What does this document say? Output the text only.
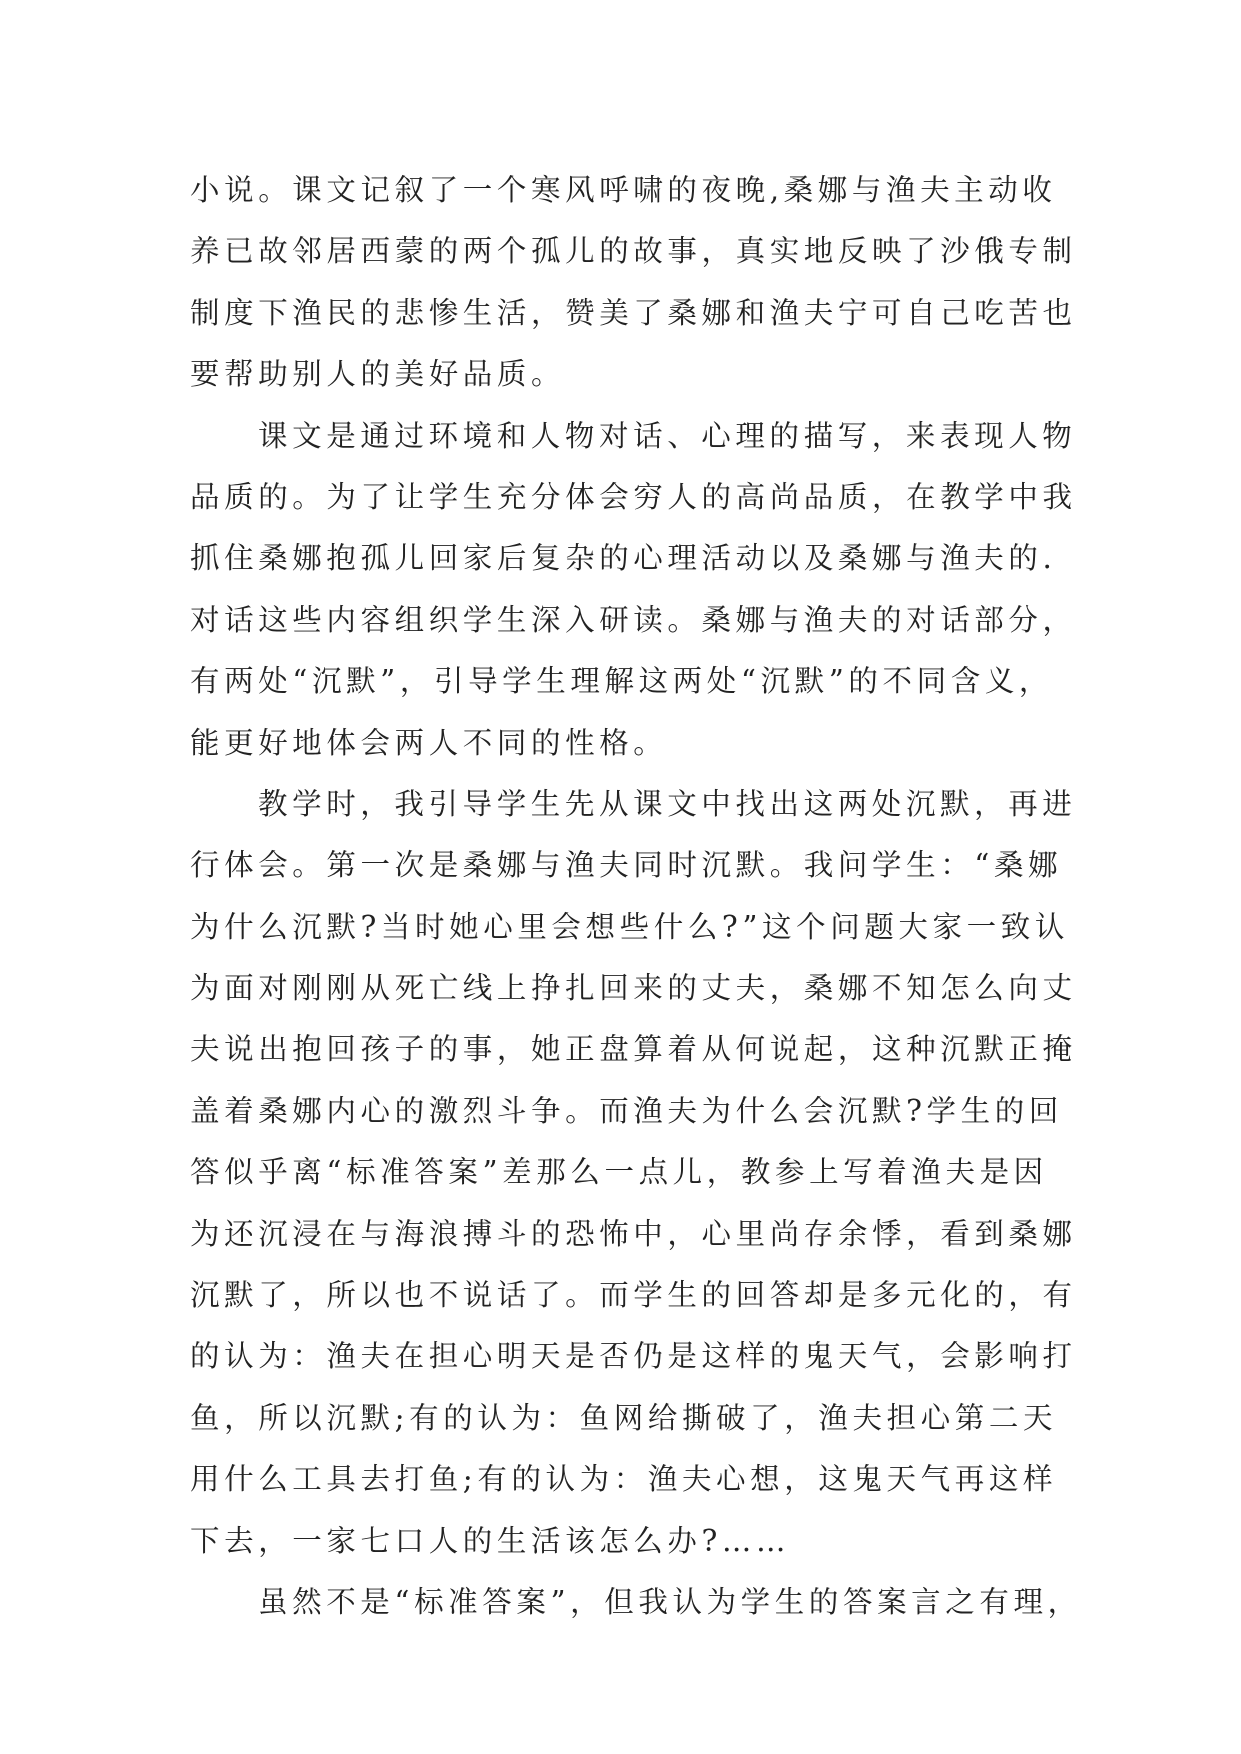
小说。课文记叙了一个寒风呼啸的夜晚,桑娜与渔夫主动收
养已故邻居西蒙的两个孤儿的故事，真实地反映了沙俄专制
制度下渔民的悲惨生活，赞美了桑娜和渔夫宁可自己吃苦也
要帮助别人的美好品质。
课文是通过环境和人物对话、心理的描写，来表现人物
品质的。为了让学生充分体会穷人的高尚品质，在教学中我
抓住桑娜抱孤儿回家后复杂的心理活动以及桑娜与渔夫的.
对话这些内容组织学生深入研读。桑娜与渔夫的对话部分，
有两处“沉默”，引导学生理解这两处“沉默”的不同含义，
能更好地体会两人不同的性格。
教学时，我引导学生先从课文中找出这两处沉默，再进
行体会。第一次是桑娜与渔夫同时沉默。我问学生：“桑娜
为什么沉默?当时她心里会想些什么?”这个问题大家一致认
为面对刚刚从死亡线上挣扎回来的丈夫，桑娜不知怎么向丈
夫说出抱回孩子的事，她正盘算着从何说起，这种沉默正掩
盖着桑娜内心的激烈斗争。而渔夫为什么会沉默?学生的回
答似乎离“标准答案”差那么一点儿，教参上写着渔夫是因
为还沉浸在与海浪搏斗的恐怖中，心里尚存余悸，看到桑娜
沉默了，所以也不说话了。而学生的回答却是多元化的，有
的认为：渔夫在担心明天是否仍是这样的鬼天气，会影响打
鱼，所以沉默;有的认为：鱼网给撕破了，渔夫担心第二天
用什么工具去打鱼;有的认为：渔夫心想，这鬼天气再这样
下去，一家七口人的生活该怎么办?……
虽然不是“标准答案”，但我认为学生的答案言之有理，
